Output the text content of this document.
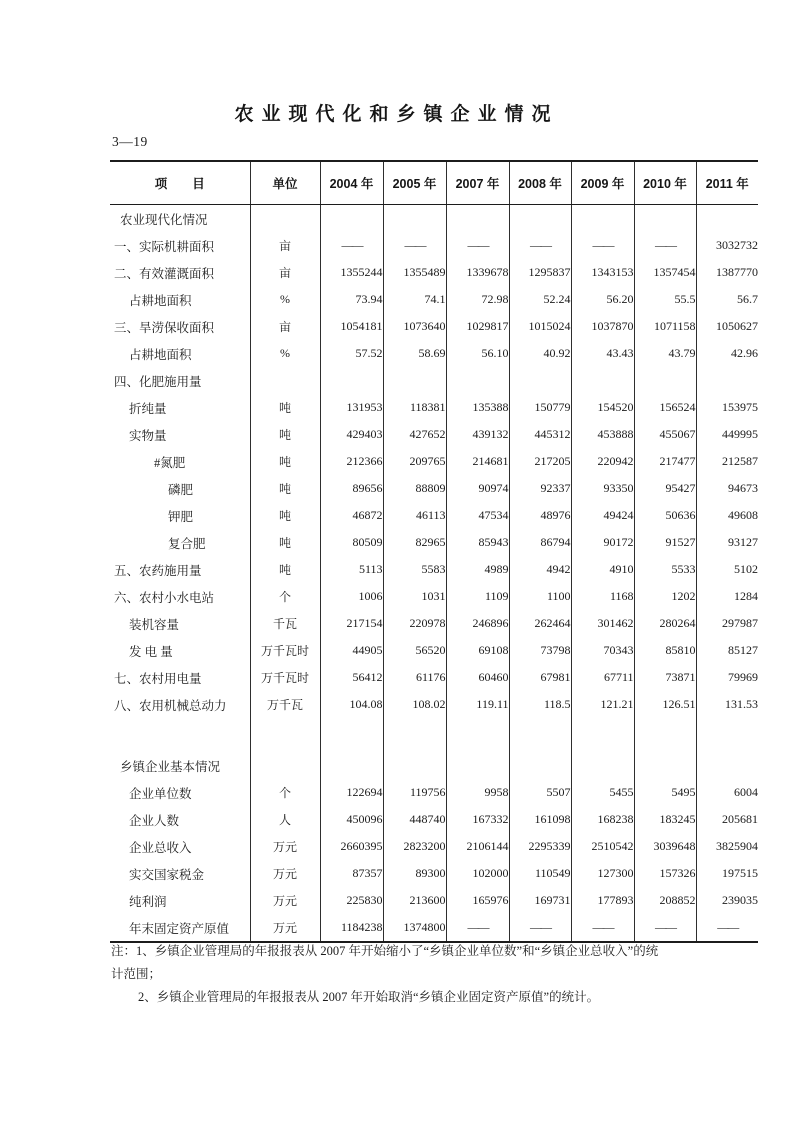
农业现代化和乡镇企业情况
3—19
项　　目	单位	2004 年	2005 年	2007 年	2008 年	2009 年	2010 年	2011 年
农业现代化情况								
一、实际机耕面积	亩	——	——	——	——	——	——	3032732
二、有效灌溉面积	亩	1355244	1355489	1339678	1295837	1343153	1357454	1387770
占耕地面积	%	73.94	74.1	72.98	52.24	56.20	55.5	56.7
三、旱涝保收面积	亩	1054181	1073640	1029817	1015024	1037870	1071158	1050627
占耕地面积	%	57.52	58.69	56.10	40.92	43.43	43.79	42.96
四、化肥施用量								
折纯量	吨	131953	118381	135388	150779	154520	156524	153975
实物量	吨	429403	427652	439132	445312	453888	455067	449995
#氮肥	吨	212366	209765	214681	217205	220942	217477	212587
磷肥	吨	89656	88809	90974	92337	93350	95427	94673
钾肥	吨	46872	46113	47534	48976	49424	50636	49608
复合肥	吨	80509	82965	85943	86794	90172	91527	93127
五、农药施用量	吨	5113	5583	4989	4942	4910	5533	5102
六、农村小水电站	个	1006	1031	1109	1100	1168	1202	1284
装机容量	千瓦	217154	220978	246896	262464	301462	280264	297987
发 电 量	万千瓦时	44905	56520	69108	73798	70343	85810	85127
七、农村用电量	万千瓦时	56412	61176	60460	67981	67711	73871	79969
八、农用机械总动力	万千瓦	104.08	108.02	119.11	118.5	121.21	126.51	131.53

乡镇企业基本情况								
企业单位数	个	122694	119756	9958	5507	5455	5495	6004
企业人数	人	450096	448740	167332	161098	168238	183245	205681
企业总收入	万元	2660395	2823200	2106144	2295339	2510542	3039648	3825904
实交国家税金	万元	87357	89300	102000	110549	127300	157326	197515
纯利润	万元	225830	213600	165976	169731	177893	208852	239035
年末固定资产原值	万元	1184238	1374800	——	——	——	——	——

注：1、乡镇企业管理局的年报报表从 2007 年开始缩小了“乡镇企业单位数”和“乡镇企业总收入”的统

计范围；

2、乡镇企业管理局的年报报表从 2007 年开始取消“乡镇企业固定资产原值”的统计。
